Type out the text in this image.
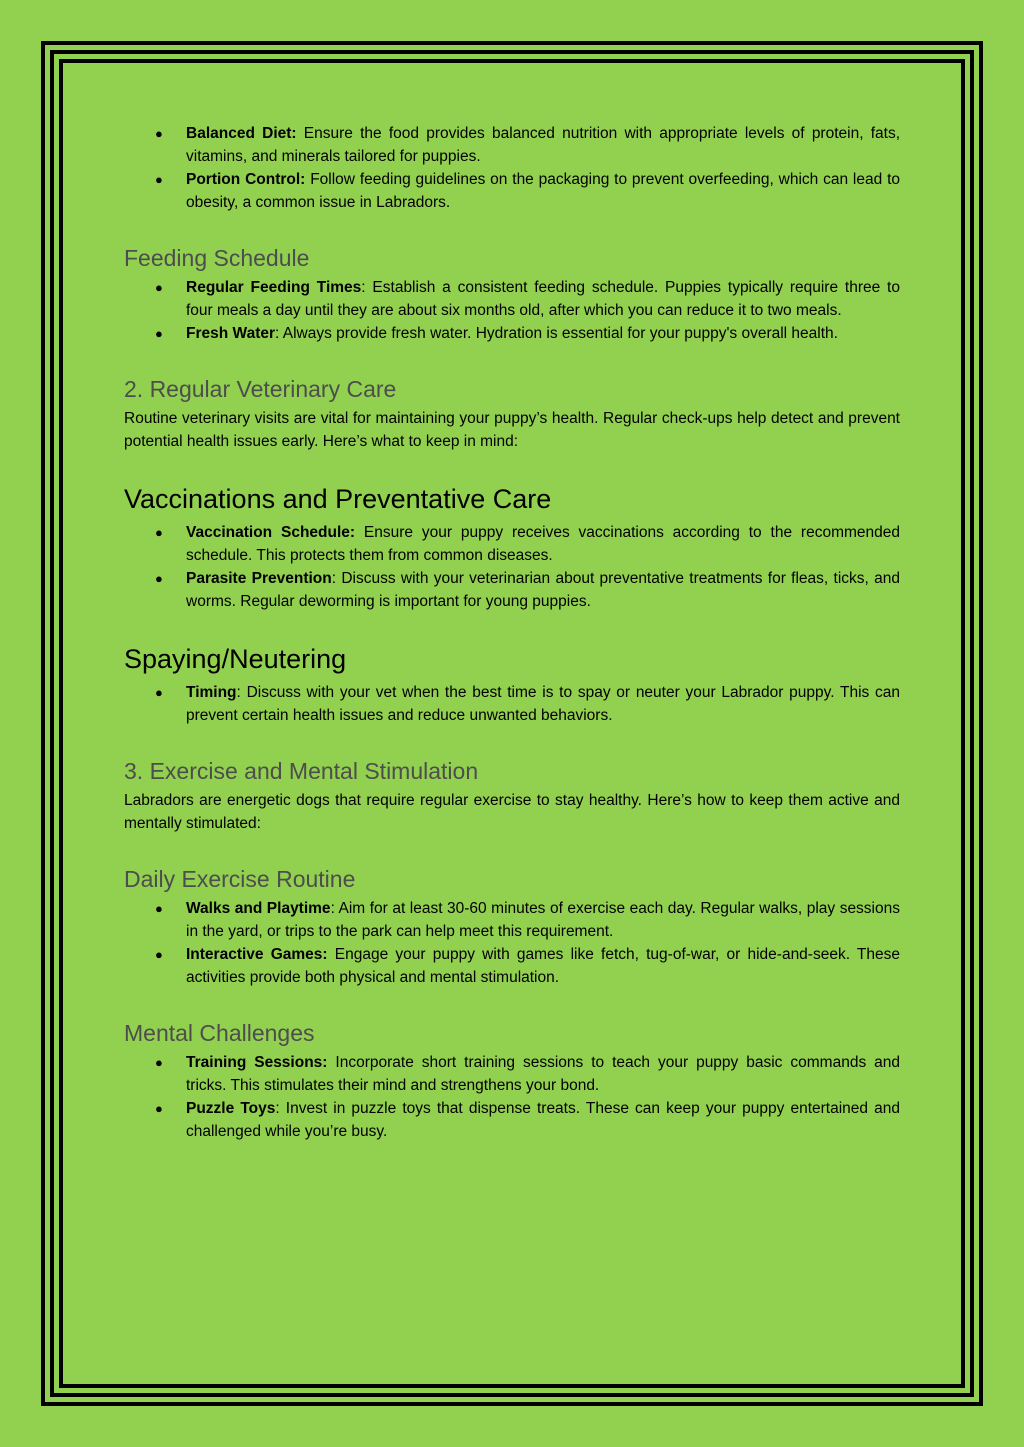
● Balanced Diet: Ensure the food provides balanced nutrition with appropriate levels of protein, fats, vitamins, and minerals tailored for puppies.
● Portion Control: Follow feeding guidelines on the packaging to prevent overfeeding, which can lead to obesity, a common issue in Labradors.
Feeding Schedule
● Regular Feeding Times: Establish a consistent feeding schedule. Puppies typically require three to four meals a day until they are about six months old, after which you can reduce it to two meals.
● Fresh Water: Always provide fresh water. Hydration is essential for your puppy's overall health.
2. Regular Veterinary Care

Routine veterinary visits are vital for maintaining your puppy’s health. Regular check-ups help detect and prevent potential health issues early. Here’s what to keep in mind:

Vaccinations and Preventative Care
● Vaccination Schedule: Ensure your puppy receives vaccinations according to the recommended schedule. This protects them from common diseases.
● Parasite Prevention: Discuss with your veterinarian about preventative treatments for fleas, ticks, and worms. Regular deworming is important for young puppies.
Spaying/Neutering
● Timing: Discuss with your vet when the best time is to spay or neuter your Labrador puppy. This can prevent certain health issues and reduce unwanted behaviors.
3. Exercise and Mental Stimulation

Labradors are energetic dogs that require regular exercise to stay healthy. Here’s how to keep them active and mentally stimulated:

Daily Exercise Routine
● Walks and Playtime: Aim for at least 30-60 minutes of exercise each day. Regular walks, play sessions in the yard, or trips to the park can help meet this requirement.
● Interactive Games: Engage your puppy with games like fetch, tug-of-war, or hide-and-seek. These activities provide both physical and mental stimulation.
Mental Challenges
● Training Sessions: Incorporate short training sessions to teach your puppy basic commands and tricks. This stimulates their mind and strengthens your bond.
● Puzzle Toys: Invest in puzzle toys that dispense treats. These can keep your puppy entertained and challenged while you’re busy.
